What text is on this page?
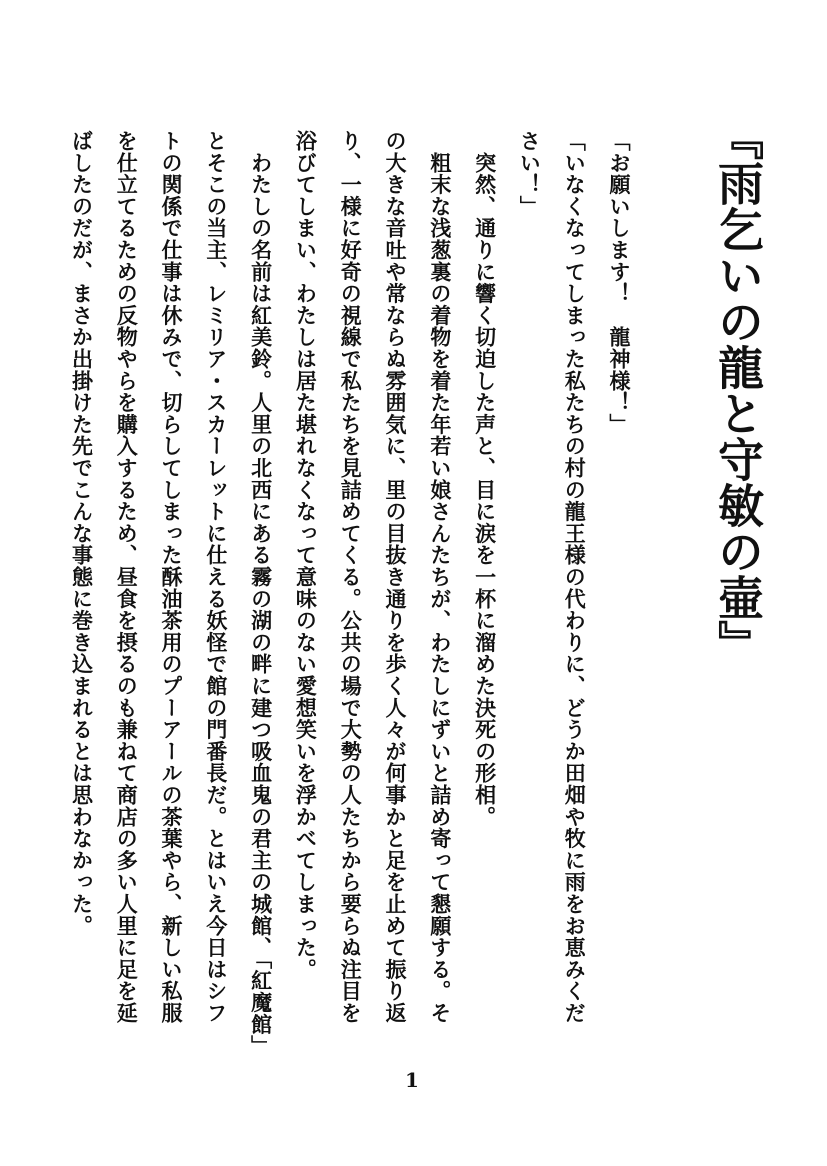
『雨乞いの龍と守敏の壷』
「お願いします！　龍神様！」
「いなくなってしまった私たちの村の龍王様の代わりに、どうか田畑や牧に雨をお恵みくだ
さい！」
　突然、通りに響く切迫した声と、目に涙を一杯に溜めた決死の形相。
　粗末な浅葱裏の着物を着た年若い娘さんたちが、わたしにずいと詰め寄って懇願する。そ
の大きな音吐や常ならぬ雰囲気に、里の目抜き通りを歩く人々が何事かと足を止めて振り返
り、一様に好奇の視線で私たちを見詰めてくる。公共の場で大勢の人たちから要らぬ注目を
浴びてしまい、わたしは居た堪れなくなって意味のない愛想笑いを浮かべてしまった。
　わたしの名前は紅美鈴。人里の北西にある霧の湖の畔に建つ吸血鬼の君主の城館、「紅魔館」
とそこの当主、レミリア・スカーレットに仕える妖怪で館の門番長だ。とはいえ今日はシフ
トの関係で仕事は休みで、切らしてしまった酥油茶用のプーアールの茶葉やら、新しい私服
を仕立てるための反物やらを購入するため、昼食を摂るのも兼ねて商店の多い人里に足を延
ばしたのだが、まさか出掛けた先でこんな事態に巻き込まれるとは思わなかった。
1
